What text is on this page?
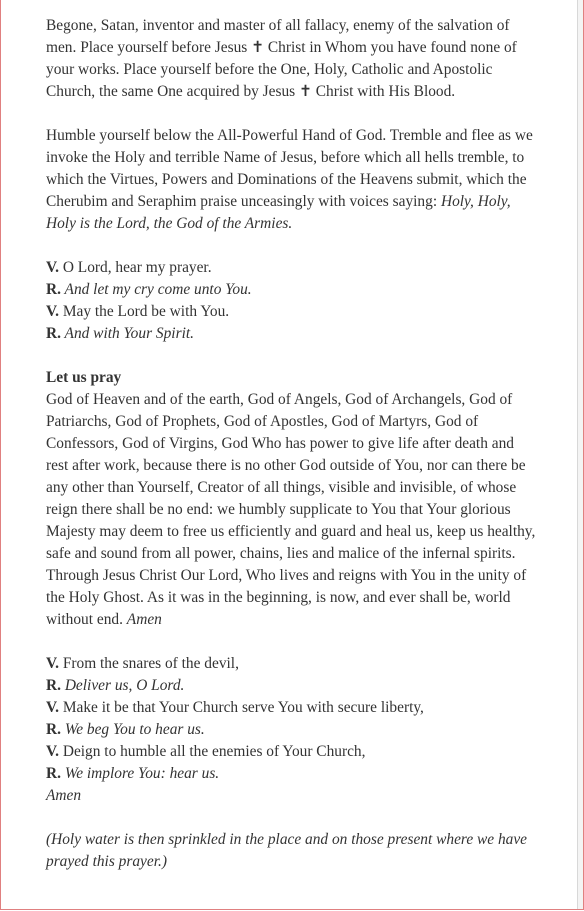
Begone, Satan, inventor and master of all fallacy, enemy of the salvation of men. Place yourself before Jesus ✝ Christ in Whom you have found none of your works. Place yourself before the One, Holy, Catholic and Apostolic Church, the same One acquired by Jesus ✝ Christ with His Blood.

Humble yourself below the All-Powerful Hand of God. Tremble and flee as we invoke the Holy and terrible Name of Jesus, before which all hells tremble, to which the Virtues, Powers and Dominations of the Heavens submit, which the Cherubim and Seraphim praise unceasingly with voices saying: Holy, Holy, Holy is the Lord, the God of the Armies.

V. O Lord, hear my prayer.
R. And let my cry come unto You.
V. May the Lord be with You.
R. And with Your Spirit.

Let us pray
God of Heaven and of the earth, God of Angels, God of Archangels, God of Patriarchs, God of Prophets, God of Apostles, God of Martyrs, God of Confessors, God of Virgins, God Who has power to give life after death and rest after work, because there is no other God outside of You, nor can there be any other than Yourself, Creator of all things, visible and invisible, of whose reign there shall be no end: we humbly supplicate to You that Your glorious Majesty may deem to free us efficiently and guard and heal us, keep us healthy, safe and sound from all power, chains, lies and malice of the infernal spirits. Through Jesus Christ Our Lord, Who lives and reigns with You in the unity of the Holy Ghost. As it was in the beginning, is now, and ever shall be, world without end. Amen

V. From the snares of the devil,
R. Deliver us, O Lord.
V. Make it be that Your Church serve You with secure liberty,
R. We beg You to hear us.
V. Deign to humble all the enemies of Your Church,
R. We implore You: hear us.
Amen

(Holy water is then sprinkled in the place and on those present where we have prayed this prayer.)
